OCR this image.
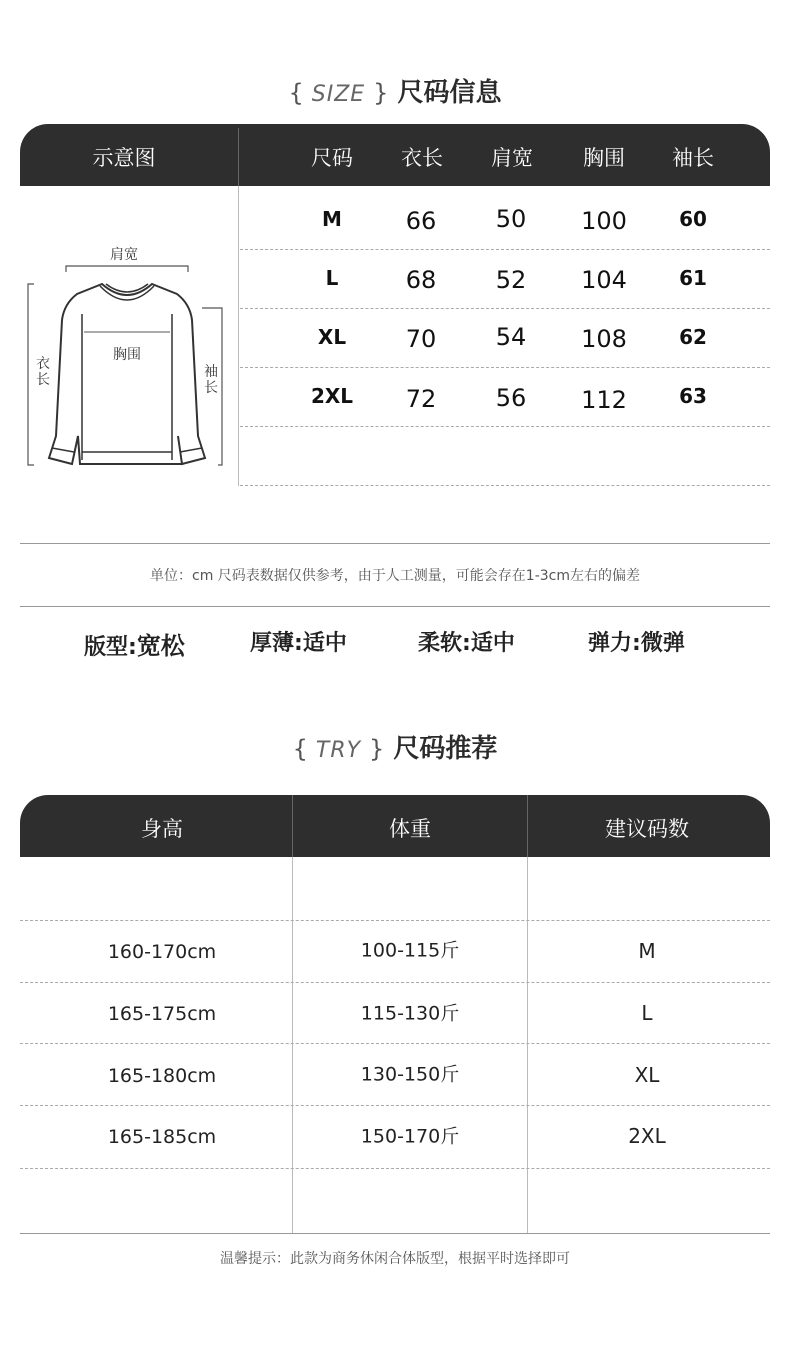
{ SIZE } 尺码信息
示意图	尺码 衣长 肩宽 胸围 袖长
M	66 50 100	60
L	68 52 104	61
XL 70 54 108	62
2XL 72 56 112	63
肩宽
胸围
衣长	袖长
单位：cm 尺码表数据仅供参考，由于人工测量，可能会存在1-3cm左右的偏差
版型:宽松	厚薄:适中	柔软:适中	弹力:微弹
{ TRY } 尺码推荐
身高	体重	建议码数
160-170cm	100-115斤	M
165-175cm	115-130斤	L
165-180cm	130-150斤	XL
165-185cm	150-170斤	2XL
温馨提示：此款为商务休闲合体版型，根据平时选择即可
